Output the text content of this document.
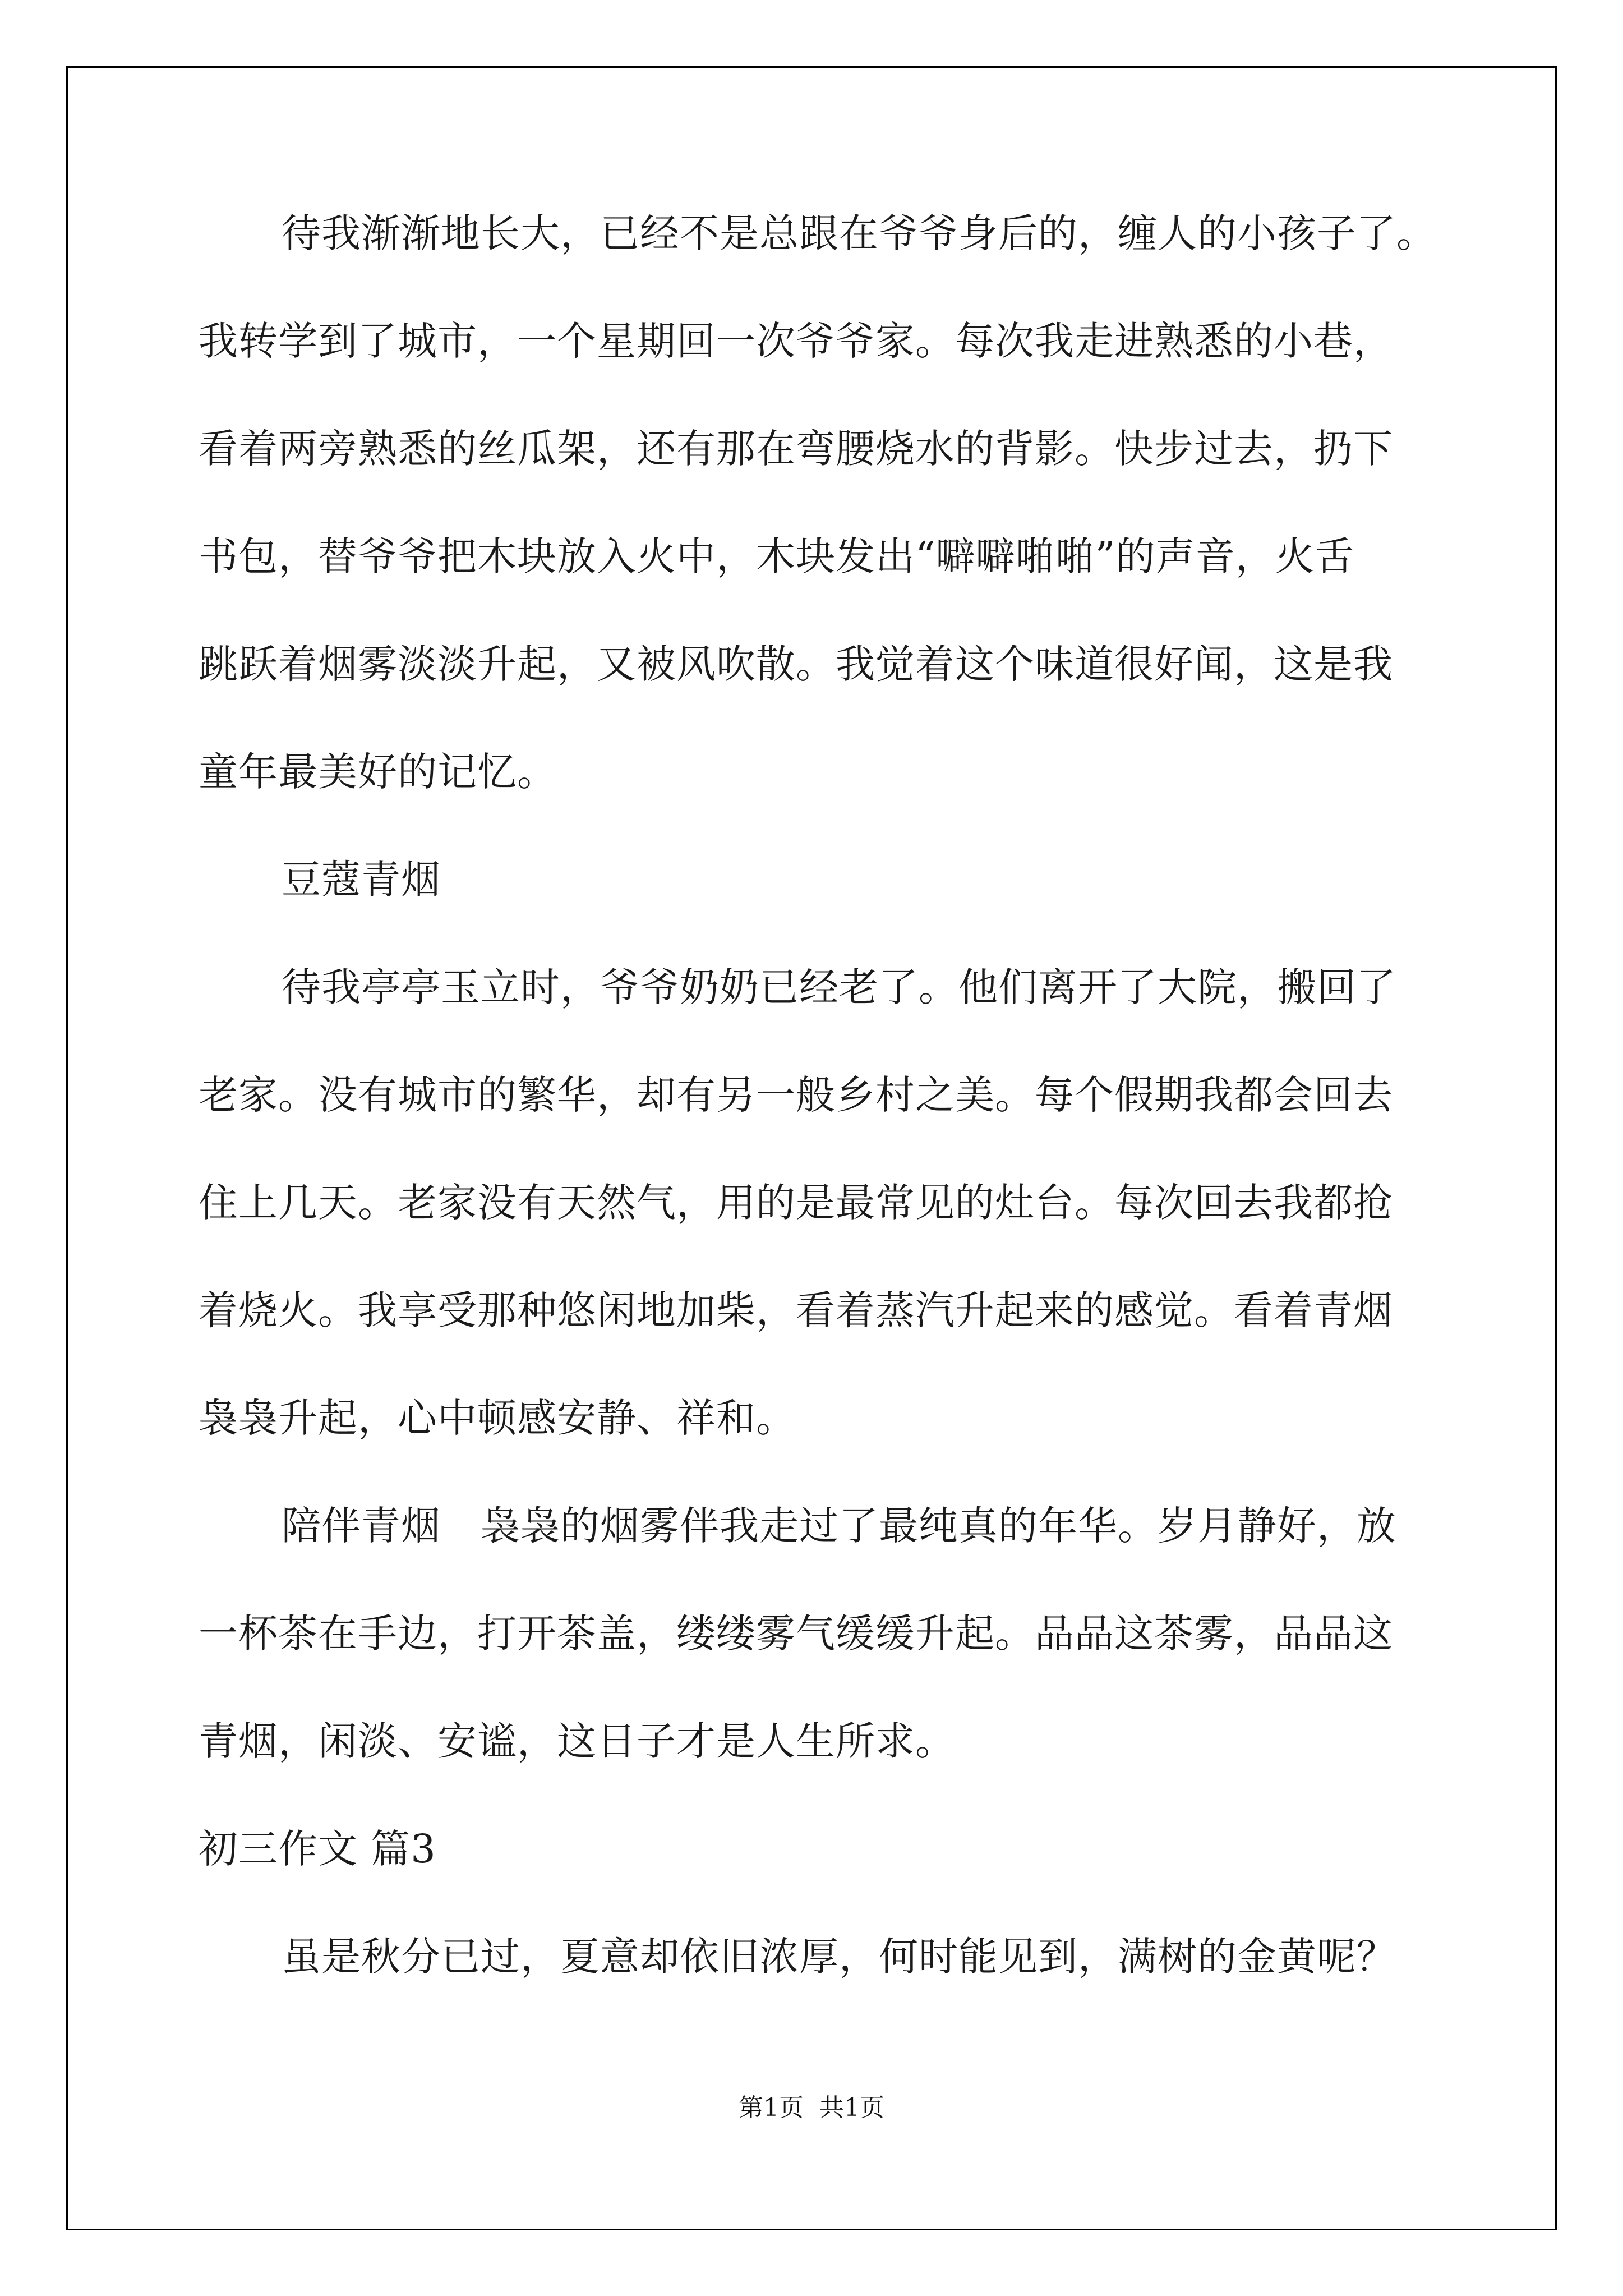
待我渐渐地长大，已经不是总跟在爷爷身后的，缠人的小孩子了。
我转学到了城市，一个星期回一次爷爷家。每次我走进熟悉的小巷，
看着两旁熟悉的丝瓜架，还有那在弯腰烧水的背影。快步过去，扔下
书包，替爷爷把木块放入火中，木块发出“噼噼啪啪”的声音，火舌
跳跃着烟雾淡淡升起，又被风吹散。我觉着这个味道很好闻，这是我
童年最美好的记忆。
豆蔻青烟
待我亭亭玉立时，爷爷奶奶已经老了。他们离开了大院，搬回了
老家。没有城市的繁华，却有另一般乡村之美。每个假期我都会回去
住上几天。老家没有天然气，用的是最常见的灶台。每次回去我都抢
着烧火。我享受那种悠闲地加柴，看着蒸汽升起来的感觉。看着青烟
袅袅升起，心中顿感安静、祥和。
陪伴青烟　袅袅的烟雾伴我走过了最纯真的年华。岁月静好，放
一杯茶在手边，打开茶盖，缕缕雾气缓缓升起。品品这茶雾，品品这
青烟，闲淡、安谧，这日子才是人生所求。
初三作文 篇3
虽是秋分已过，夏意却依旧浓厚，何时能见到，满树的金黄呢？
第1页 共1页
